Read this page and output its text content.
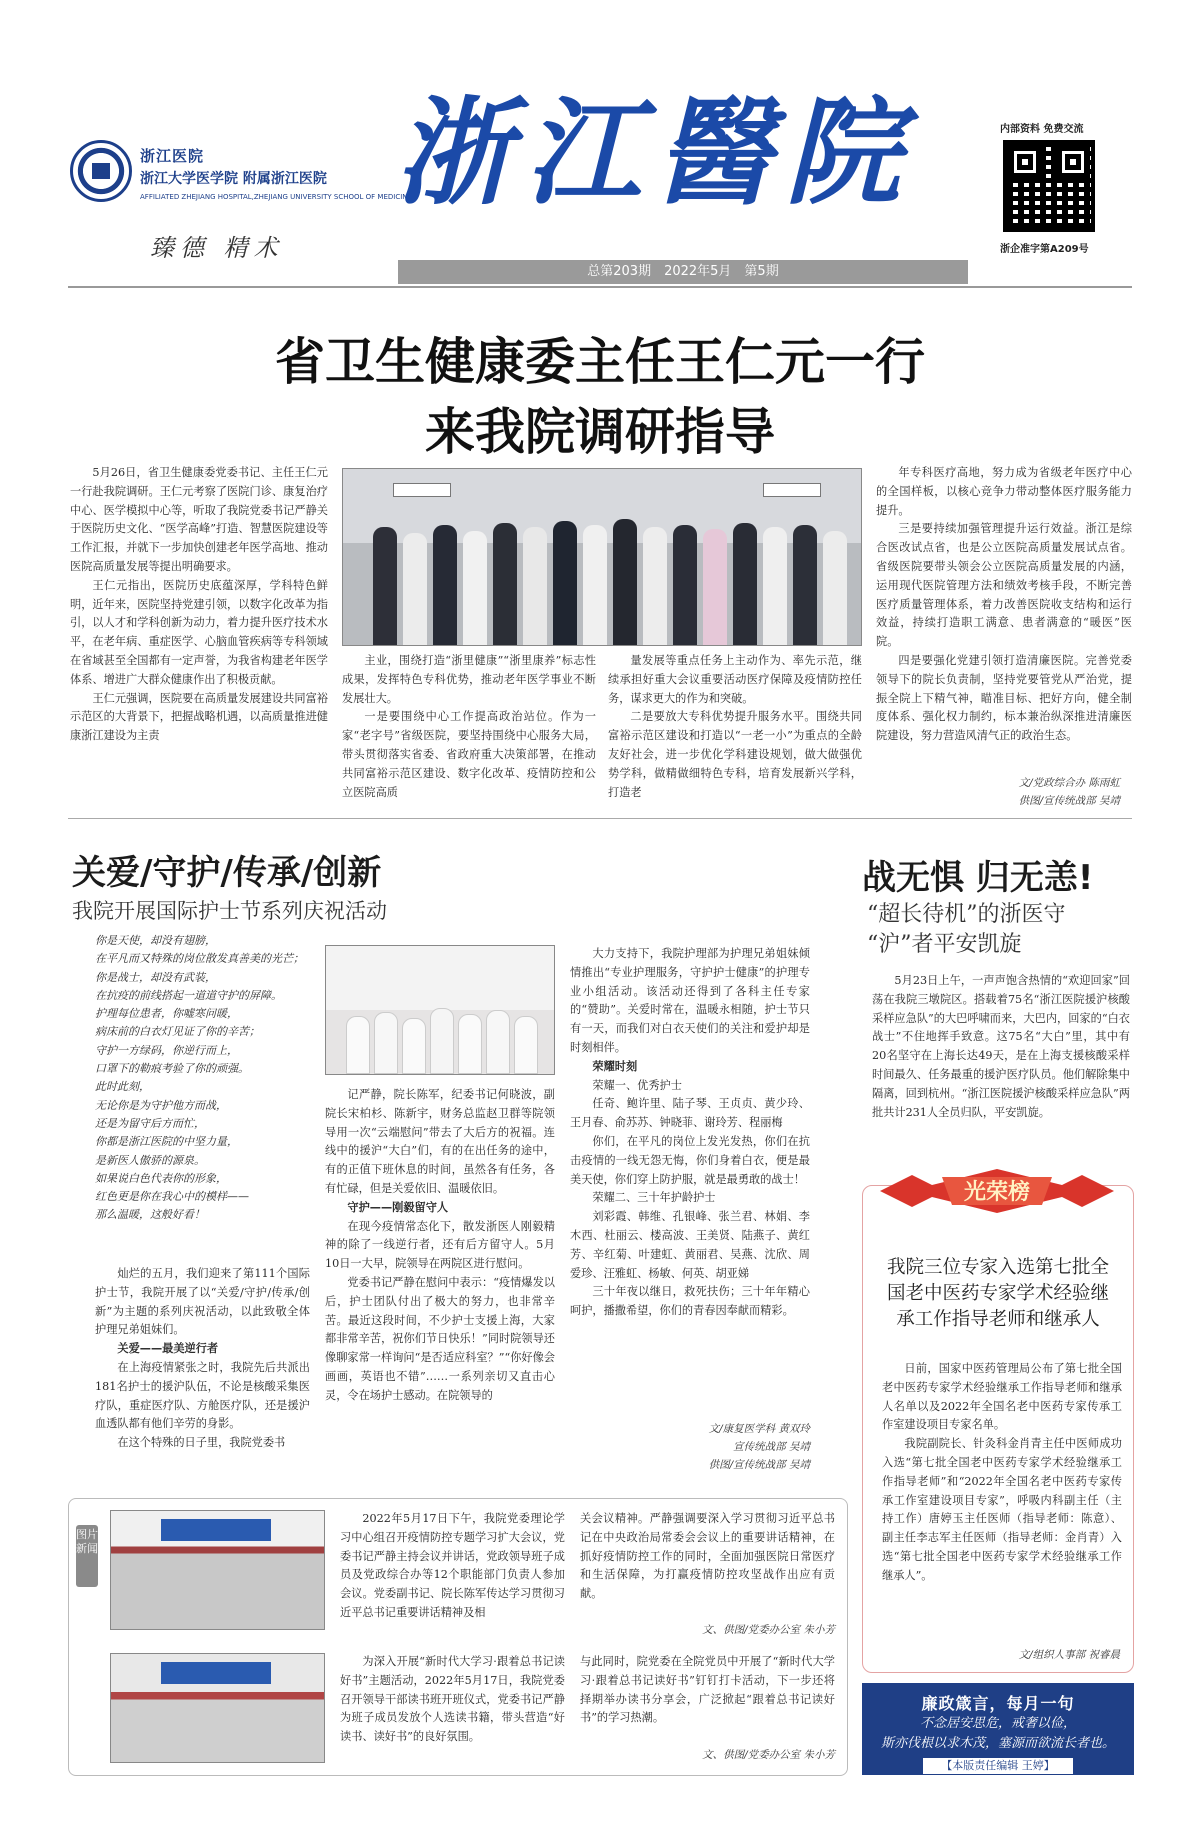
浙江医院
浙江大学医学院 附属浙江医院
AFFILIATED ZHEJIANG HOSPITAL,ZHEJIANG UNIVERSITY SCHOOL OF MEDICINE
臻德 精术
浙江醫院	内部资料 免费交流
浙企准字第A209号
总第203期　2022年5月　第5期
省卫生健康委主任王仁元一行
来我院调研指导

5月26日，省卫生健康委党委书记、主任王仁元一行赴我院调研。王仁元考察了医院门诊、康复治疗中心、医学模拟中心等，听取了我院党委书记严静关于医院历史文化、“医学高峰”打造、智慧医院建设等工作汇报，并就下一步加快创建老年医学高地、推动医院高质量发展等提出明确要求。

王仁元指出，医院历史底蕴深厚，学科特色鲜明，近年来，医院坚持党建引领，以数字化改革为指引，以人才和学科创新为动力，着力提升医疗技术水平，在老年病、重症医学、心脑血管疾病等专科领域在省域甚至全国都有一定声誉，为我省构建老年医学体系、增进广大群众健康作出了积极贡献。

王仁元强调，医院要在高质量发展建设共同富裕示范区的大背景下，把握战略机遇，以高质量推进健康浙江建设为主责

主业，围绕打造“浙里健康”“浙里康养”标志性成果，发挥特色专科优势，推动老年医学事业不断发展壮大。

一是要围绕中心工作提高政治站位。作为一家“老字号”省级医院，要坚持围绕中心服务大局，带头贯彻落实省委、省政府重大决策部署，在推动共同富裕示范区建设、数字化改革、疫情防控和公立医院高质

量发展等重点任务上主动作为、率先示范，继续承担好重大会议重要活动医疗保障及疫情防控任务，谋求更大的作为和突破。

二是要放大专科优势提升服务水平。围绕共同富裕示范区建设和打造以“一老一小”为重点的全龄友好社会，进一步优化学科建设规划，做大做强优势学科，做精做细特色专科，培育发展新兴学科，打造老

年专科医疗高地，努力成为省级老年医疗中心的全国样板，以核心竞争力带动整体医疗服务能力提升。

三是要持续加强管理提升运行效益。浙江是综合医改试点省，也是公立医院高质量发展试点省。省级医院要带头领会公立医院高质量发展的内涵，运用现代医院管理方法和绩效考核手段，不断完善医疗质量管理体系，着力改善医院收支结构和运行效益，持续打造职工满意、患者满意的“暖医”医院。

四是要强化党建引领打造清廉医院。完善党委领导下的院长负责制，坚持党要管党从严治党，提振全院上下精气神，瞄准目标、把好方向，健全制度体系、强化权力制约，标本兼治纵深推进清廉医院建设，努力营造风清气正的政治生态。

文/党政综合办 陈雨虹
供图/宣传统战部 吴靖
关爱/守护/传承/创新
我院开展国际护士节系列庆祝活动

你是天使，却没有翅膀，

在平凡而又特殊的岗位散发真善美的光芒；

你是战士，却没有武装，

在抗疫的前线搭起一道道守护的屏障。

护理每位患者，你嘘寒问暖，

病床前的白衣灯见证了你的辛苦；

守护一方绿码，你逆行而上，

口罩下的勒痕考验了你的顽强。

此时此刻，

无论你是为守护他方而战，

还是为留守后方而忙，

你都是浙江医院的中坚力量，

是新医人傲骄的源泉。

如果说白色代表你的形象，

红色更是你在我心中的模样——

那么温暖，这般好看！

灿烂的五月，我们迎来了第111个国际护士节，我院开展了以“关爱/守护/传承/创新”为主题的系列庆祝活动，以此致敬全体护理兄弟姐妹们。

关爱——最美逆行者

在上海疫情紧张之时，我院先后共派出181名护士的援沪队伍，不论是核酸采集医疗队，重症医疗队、方舱医疗队，还是援沪血透队都有他们辛劳的身影。

在这个特殊的日子里，我院党委书

记严静，院长陈军，纪委书记何晓波，副院长宋柏杉、陈新宇，财务总监赵卫群等院领导用一次“云端慰问”带去了大后方的祝福。连线中的援沪“大白”们，有的在出任务的途中，有的正值下班休息的时间，虽然各有任务，各有忙碌，但是关爱依旧、温暖依旧。

守护——刚毅留守人

在现今疫情常态化下，散发浙医人刚毅精神的除了一线逆行者，还有后方留守人。5月10日一大早，院领导在两院区进行慰问。

党委书记严静在慰问中表示：“疫情爆发以后，护士团队付出了极大的努力，也非常辛苦。最近这段时间，不少护士支援上海，大家都非常辛苦，祝你们节日快乐！”同时院领导还像聊家常一样询问“是否适应科室？”“你好像会画画，英语也不错”……一系列亲切又直击心灵，令在场护士感动。在院领导的

大力支持下，我院护理部为护理兄弟姐妹倾情推出“专业护理服务，守护护士健康”的护理专业小组活动。该活动还得到了各科主任专家的“赞助”。关爱时常在，温暖永相随，护士节只有一天，而我们对白衣天使们的关注和爱护却是时刻相伴。

荣耀时刻

荣耀一、优秀护士

任奇、鲍许里、陆子琴、王贞贞、黄少玲、王月春、俞苏苏、钟晓菲、谢玲芳、程丽梅

你们，在平凡的岗位上发光发热，你们在抗击疫情的一线无怨无悔，你们身着白衣，便是最美天使，你们穿上防护服，就是最勇敢的战士！

荣耀二、三十年护龄护士

刘彩霞、韩维、孔银峰、张兰君、林娟、李木西、杜丽云、楼高波、王美贤、陆燕子、黄红芳、辛红菊、叶建虹、黄丽君、吴燕、沈欣、周爱珍、汪雅虹、杨敏、何英、胡亚娣

三十年夜以继日，救死扶伤；三十年年精心呵护，播撒希望，你们的青春因奉献而精彩。

文/康复医学科 黄双玲
宣传统战部 吴靖
供图/宣传统战部 吴靖
战无惧 归无恙!
“超长待机”的浙医守
“沪”者平安凯旋

5月23日上午，一声声饱含热情的“欢迎回家”回荡在我院三墩院区。搭载着75名“浙江医院援沪核酸采样应急队”的大巴呼啸而来，大巴内，回家的“白衣战士”不住地挥手致意。这75名“大白”里，其中有20名坚守在上海长达49天，是在上海支援核酸采样时间最久、任务最重的援沪医疗队员。他们解除集中隔离，回到杭州。“浙江医院援沪核酸采样应急队”两批共计231人全员归队，平安凯旋。

光荣榜
我院三位专家入选第七批全国老中医药专家学术经验继承工作指导老师和继承人

日前，国家中医药管理局公布了第七批全国老中医药专家学术经验继承工作指导老师和继承人名单以及2022年全国名老中医药专家传承工作室建设项目专家名单。

我院副院长、针灸科金肖青主任中医师成功入选“第七批全国老中医药专家学术经验继承工作指导老师”和“2022年全国名老中医药专家传承工作室建设项目专家”，呼吸内科副主任（主持工作）唐婷玉主任医师（指导老师：陈意）、副主任李志军主任医师（指导老师：金肖青）入选“第七批全国老中医药专家学术经验继承工作继承人”。

文/组织人事部 祝睿晨
廉政箴言，每月一句
不念居安思危，戒奢以俭，
斯亦伐根以求木茂，塞源而欲流长者也。
【本版责任编辑 王婷】
图片新闻

2022年5月17日下午，我院党委理论学习中心组召开疫情防控专题学习扩大会议，党委书记严静主持会议并讲话，党政领导班子成员及党政综合办等12个职能部门负责人参加会议。党委副书记、院长陈军传达学习贯彻习近平总书记重要讲话精神及相

关会议精神。严静强调要深入学习贯彻习近平总书记在中央政治局常委会会议上的重要讲话精神，在抓好疫情防控工作的同时，全面加强医院日常医疗和生活保障，为打赢疫情防控攻坚战作出应有贡献。

文、供图/党委办公室 朱小芳

为深入开展“新时代大学习·跟着总书记读好书”主题活动，2022年5月17日，我院党委召开领导干部读书班开班仪式，党委书记严静为班子成员发放个人选读书籍，带头营造“好读书、读好书”的良好氛围。

与此同时，院党委在全院党员中开展了“新时代大学习·跟着总书记读好书”钉钉打卡活动，下一步还将择期举办读书分享会，广泛掀起“跟着总书记读好书”的学习热潮。

文、供图/党委办公室 朱小芳
